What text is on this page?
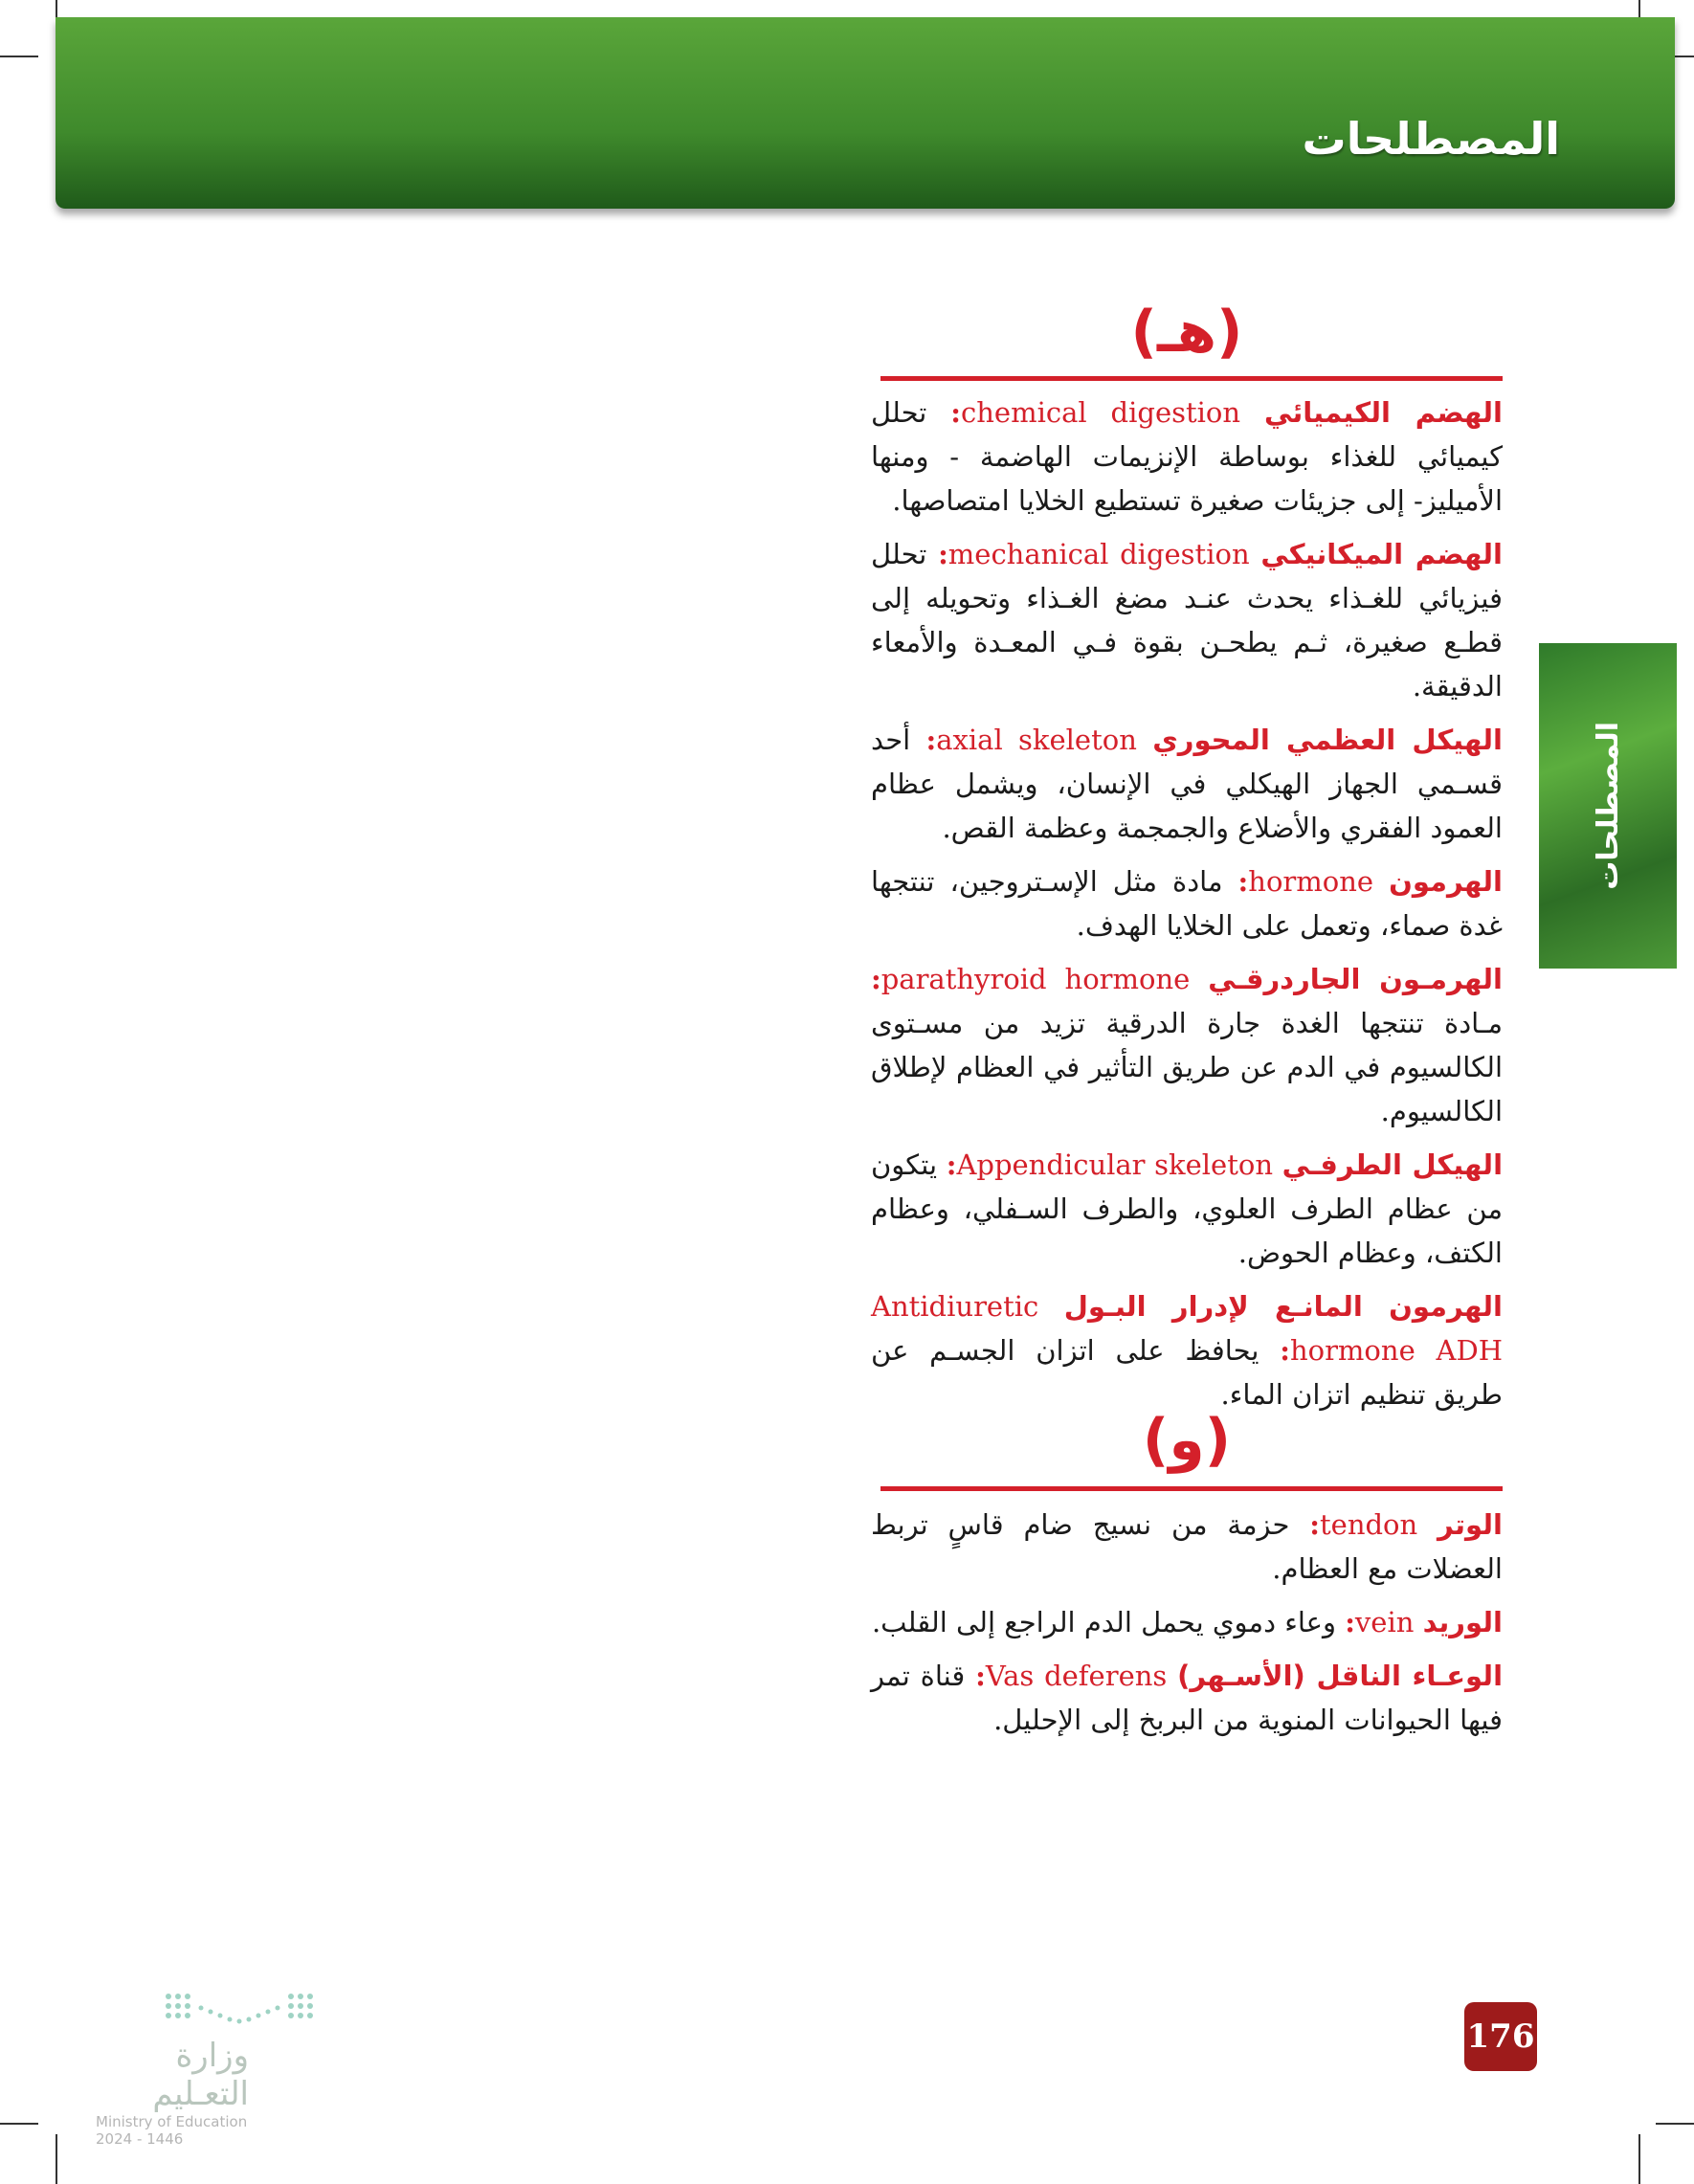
المصطلحات
المصطلحات
(هـ)

الهضم الكيميائي chemical digestion: تحلل كيميائي للغذاء بوساطة الإنزيمات الهاضمة - ومنها الأميليز- إلى جزيئات صغيرة تستطيع الخلايا امتصاصها.

الهضم الميكانيكي mechanical digestion: تحلل فيزيائي للغـذاء يحدث عنـد مضغ الغـذاء وتحويله إلى قطـع صغيرة، ثـم يطحـن بقوة فـي المعـدة والأمعاء الدقيقة.

الهيكل العظمي المحوري axial skeleton: أحد قسـمي الجهاز الهيكلي في الإنسان، ويشمل عظام العمود الفقري والأضلاع والجمجمة وعظمة القص.

الهرمون hormone: مادة مثل الإسـتروجين، تنتجها غدة صماء، وتعمل على الخلايا الهدف.

الهرمـون الجاردرقـي parathyroid hormone: مـادة تنتجها الغدة جارة الدرقية تزيد من مسـتوى الكالسيوم في الدم عن طريق التأثير في العظام لإطلاق الكالسيوم.

الهيكل الطرفـي Appendicular skeleton: يتكون من عظام الطرف العلوي، والطرف السـفلي، وعظام الكتف، وعظام الحوض.

الهرمون المانـع لإدرار البـول Antidiuretic hormone ADH: يحافظ على اتزان الجسـم عن طريق تنظيم اتزان الماء.

(و)

الوتر tendon: حزمة من نسيج ضام قاسٍ تربط العضلات مع العظام.

الوريد vein: وعاء دموي يحمل الدم الراجع إلى القلب.

الوعـاء الناقل (الأسـهر) Vas deferens: قناة تمر فيها الحيوانات المنوية من البربخ إلى الإحليل.

176
وزارة التعـليم
Ministry of Education
2024 - 1446
